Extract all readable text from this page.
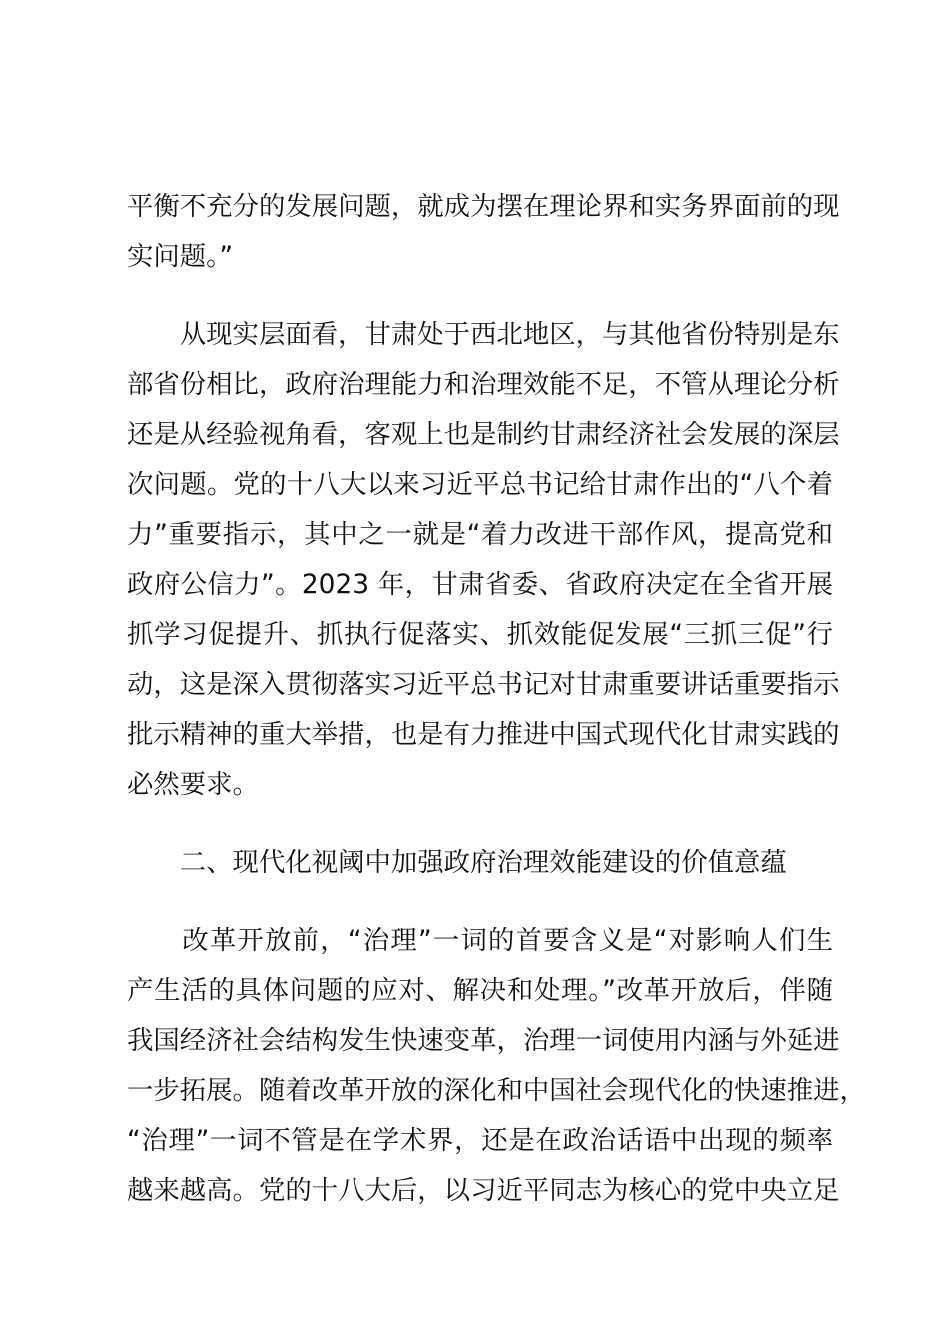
平衡不充分的发展问题，就成为摆在理论界和实务界面前的现
实问题。”
　　从现实层面看，甘肃处于西北地区，与其他省份特别是东
部省份相比，政府治理能力和治理效能不足，不管从理论分析
还是从经验视角看，客观上也是制约甘肃经济社会发展的深层
次问题。党的十八大以来习近平总书记给甘肃作出的“八个着
力”重要指示，其中之一就是“着力改进干部作风，提高党和
政府公信力”。2023 年，甘肃省委、省政府决定在全省开展
抓学习促提升、抓执行促落实、抓效能促发展“三抓三促”行
动，这是深入贯彻落实习近平总书记对甘肃重要讲话重要指示
批示精神的重大举措，也是有力推进中国式现代化甘肃实践的
必然要求。
　　二、现代化视阈中加强政府治理效能建设的价值意蕴
　　改革开放前，“治理”一词的首要含义是“对影响人们生
产生活的具体问题的应对、解决和处理。”改革开放后，伴随
我国经济社会结构发生快速变革，治理一词使用内涵与外延进
一步拓展。随着改革开放的深化和中国社会现代化的快速推进，
“治理”一词不管是在学术界，还是在政治话语中出现的频率
越来越高。党的十八大后，以习近平同志为核心的党中央立足
